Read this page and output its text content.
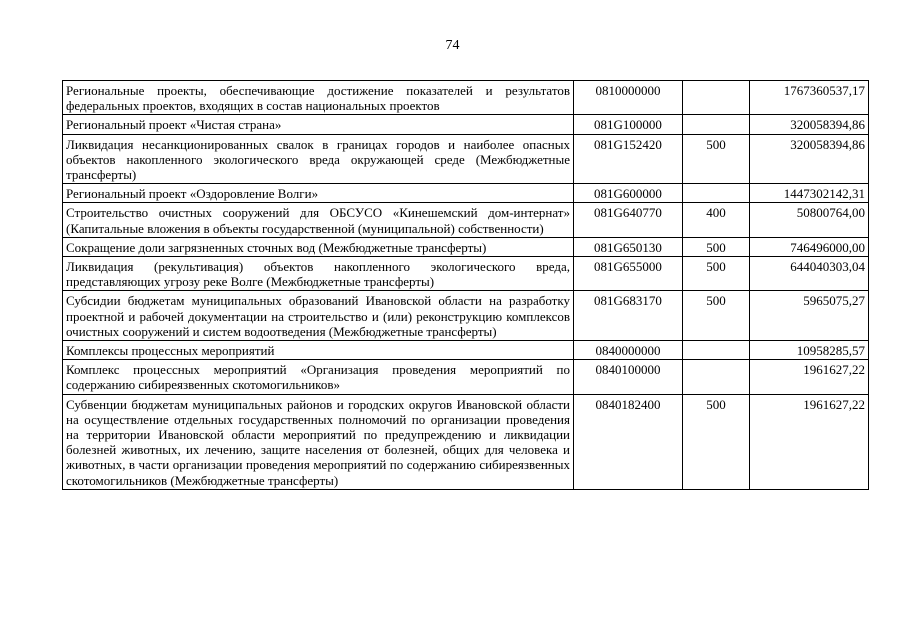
74
Региональные проекты, обеспечивающие достижение показателей и результатов федеральных проектов, входящих в состав национальных проектов	0810000000		1767360537,17
Региональный проект «Чистая страна»	081G100000		320058394,86
Ликвидация несанкционированных свалок в границах городов и наиболее опасных объектов накопленного экологического вреда окружающей среде (Межбюджетные трансферты)	081G152420	500	320058394,86
Региональный проект «Оздоровление Волги»	081G600000		1447302142,31
Строительство очистных сооружений для ОБСУСО «Кинешемский дом-интернат» (Капитальные вложения в объекты государственной (муниципальной) собственности)	081G640770	400	50800764,00
Сокращение доли загрязненных сточных вод (Межбюджетные трансферты)	081G650130	500	746496000,00
Ликвидация (рекультивация) объектов накопленного экологического вреда, представляющих угрозу реке Волге (Межбюджетные трансферты)	081G655000	500	644040303,04
Субсидии бюджетам муниципальных образований Ивановской области на разработку проектной и рабочей документации на строительство и (или) реконструкцию комплексов очистных сооружений и систем водоотведения (Межбюджетные трансферты)	081G683170	500	5965075,27
Комплексы процессных мероприятий	0840000000		10958285,57
Комплекс процессных мероприятий «Организация проведения мероприятий по содержанию сибиреязвенных скотомогильников»	0840100000		1961627,22
Субвенции бюджетам муниципальных районов и городских округов Ивановской области на осуществление отдельных государственных полномочий по организации проведения на территории Ивановской области мероприятий по предупреждению и ликвидации болезней животных, их лечению, защите населения от болезней, общих для человека и животных, в части организации проведения мероприятий по содержанию сибиреязвенных скотомогильников (Межбюджетные трансферты)	0840182400	500	1961627,22
